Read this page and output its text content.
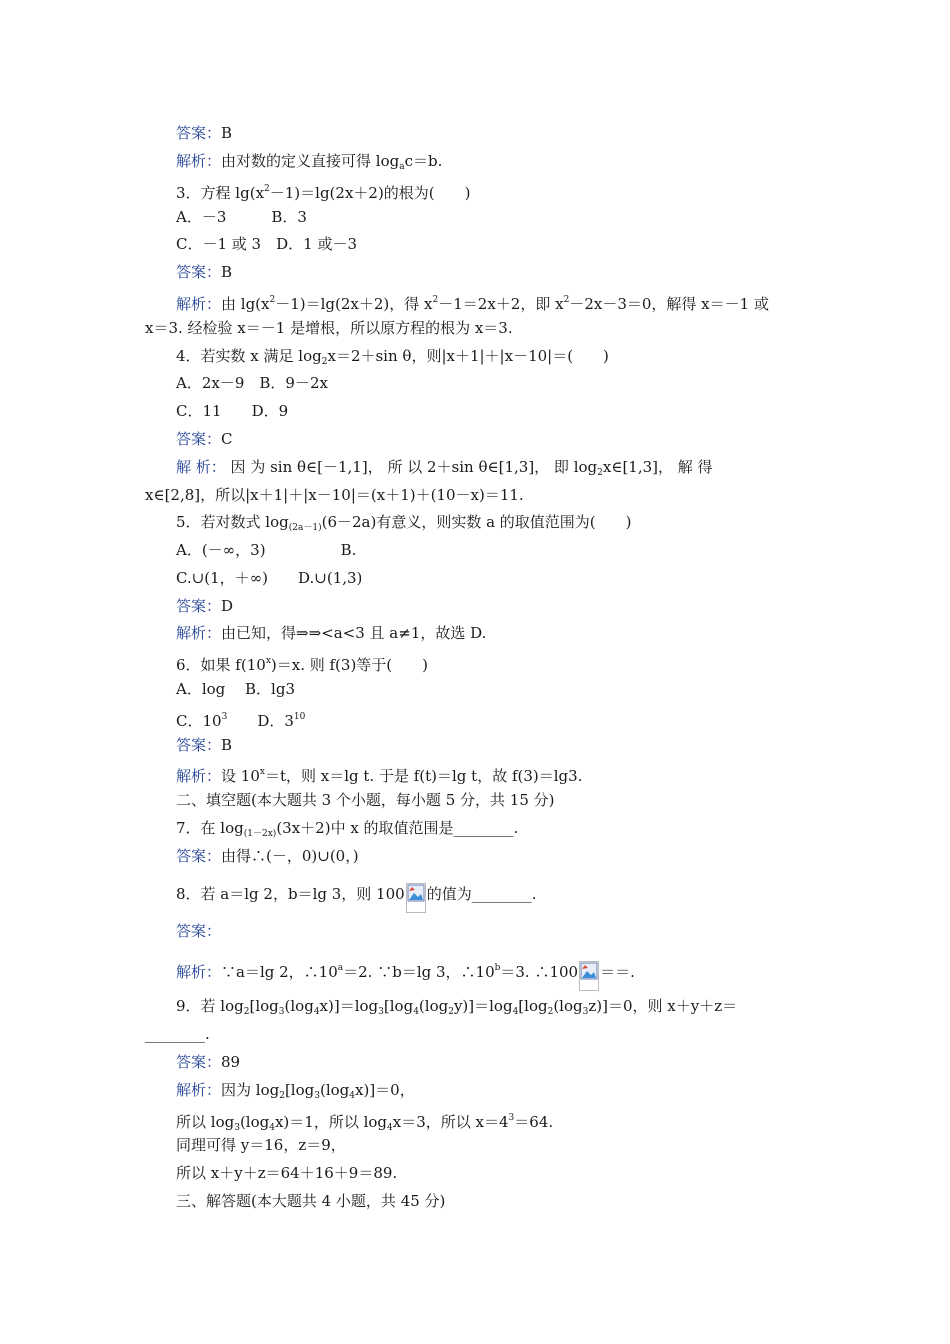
答案：B
解析：由对数的定义直接可得 $\log_ac=b$.
3．方程 $\lg(x^2-1)=\lg(2x+2)$的根为(　　)
A．－3　　　B．3
C．－1 或 3　D．1 或－3
答案：B
解析：由 $\lg(x^2-1)=\lg(2x+2)$，得 $x^2-1=2x+2$，即 $x^2-2x-3=0$，解得 x＝－1 或
x＝3. 经检验 x＝－1 是增根，所以原方程的根为 x＝3.
4．若实数 x 满足 $\log_2x=2+\sin$ θ，则|x＋1|＋|x－10|＝(　　)
A．2x－9　B．9－2x
C．11　　D．9
答案：C
解 析： 因 为 sin θ∈[－1,1]， 所 以 2＋sin θ∈[1,3]， 即 $\log_2x\in[1,3]$， 解 得
x∈[2,8]，所以|x＋1|＋|x－10|＝(x＋1)＋(10－x)＝11.
5．若对数式 $\log_{(2a-1)}(6-2a)$有意义，则实数 a 的取值范围为(　　)
A．(－∞，3)　　　　　B.
C.∪(1，＋∞)　　D.∪(1,3)
答案：D
解析：由已知，得⇒⇒<a<3 且 a≠1，故选 D.
6．如果 $f(10^x)=x$. 则 f(3)等于(　　)
A．log　 B．lg3
C．$10^3$　　D．$3^{10}$
答案：B
解析：设 $10^x=t$，则 x＝lg t. 于是 f(t)＝lg t，故 f(3)＝lg3.
二、填空题(本大题共 3 个小题，每小题 5 分，共 15 分)
7．在 $\log_{(1-2x)}(3x+2)$中 x 的取值范围是________.
答案：由得∴(－，0)∪(0，)
8．若 a＝lg 2，b＝lg 3，则 100 的值为________.
答案：
解析：∵a＝lg 2，$\therefore 10^a=2$. ∵b＝lg 3，$\therefore 10^b=3$. ∴100 ＝＝.
9．若 $\log_2[\log_3(\log_4x)]=\log_3[\log_4(\log_2y)]=\log_4[\log_2(\log_3z)]=0$，则 x＋y＋z＝
________.
答案：89
解析：因为 $\log_2[\log_3(\log_4x)]=0$，
所以 $\log_3(\log_4x)=1$，所以 $\log_4x=3$，所以 $x=4^3=64$.
同理可得 y＝16，z＝9，
所以 x＋y＋z＝64＋16＋9＝89.
三、解答题(本大题共 4 小题，共 45 分)
